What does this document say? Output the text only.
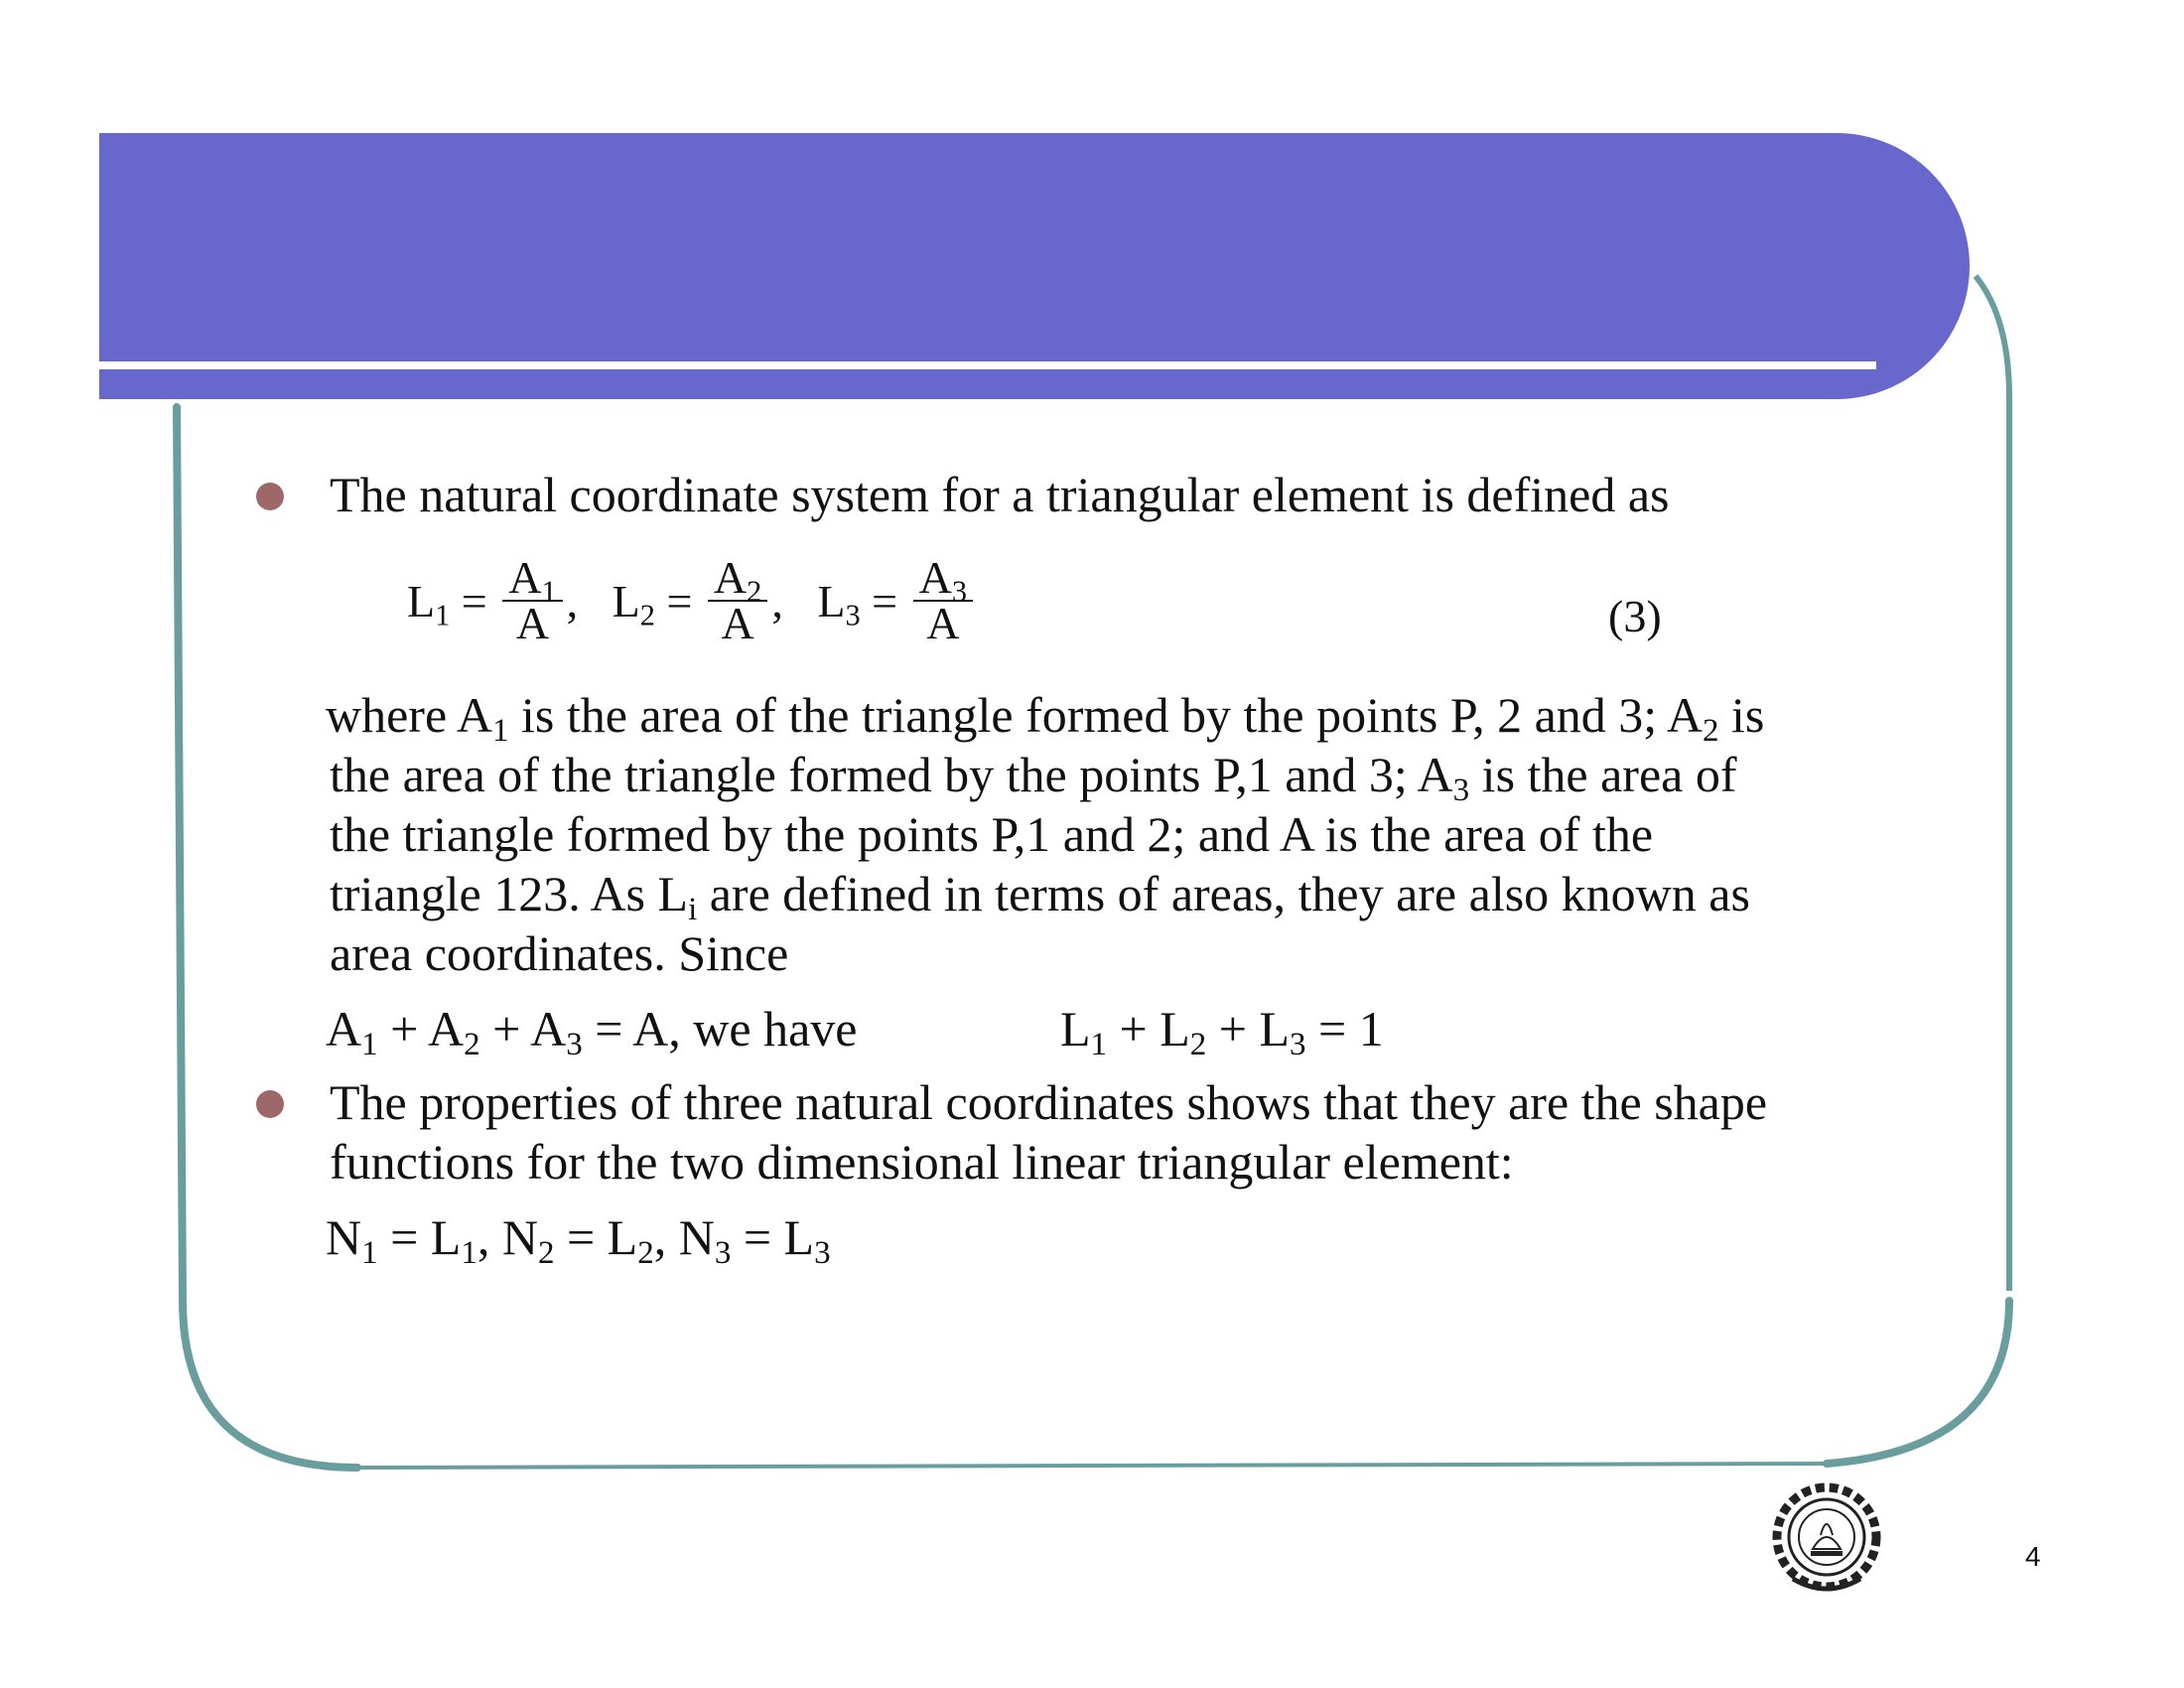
The natural coordinate system for a triangular element is defined as
$L_1 = \frac{A_1}{A}$ ,   $L_2 = \frac{A_2}{A}$ ,   $L_3 = \frac{A_3}{A}$	(3)
where $A_1$ is the area of the triangle formed by the points P, 2 and 3; $A_2$ is
the area of the triangle formed by the points P,1 and 3; $A_3$ is the area of
the triangle formed by the points P,1 and 2; and A is the area of the
triangle 123. As $L_i$ are defined in terms of areas, they are also known as
area coordinates. Since
$A_1 + A_2 + A_3 = A$, we have	$L_1 + L_2 + L_3 = 1$
The properties of three natural coordinates shows that they are the shape
functions for the two dimensional linear triangular element:
$N_1 = L_1$, $N_2 = L_2$, $N_3 = L_3$
4
